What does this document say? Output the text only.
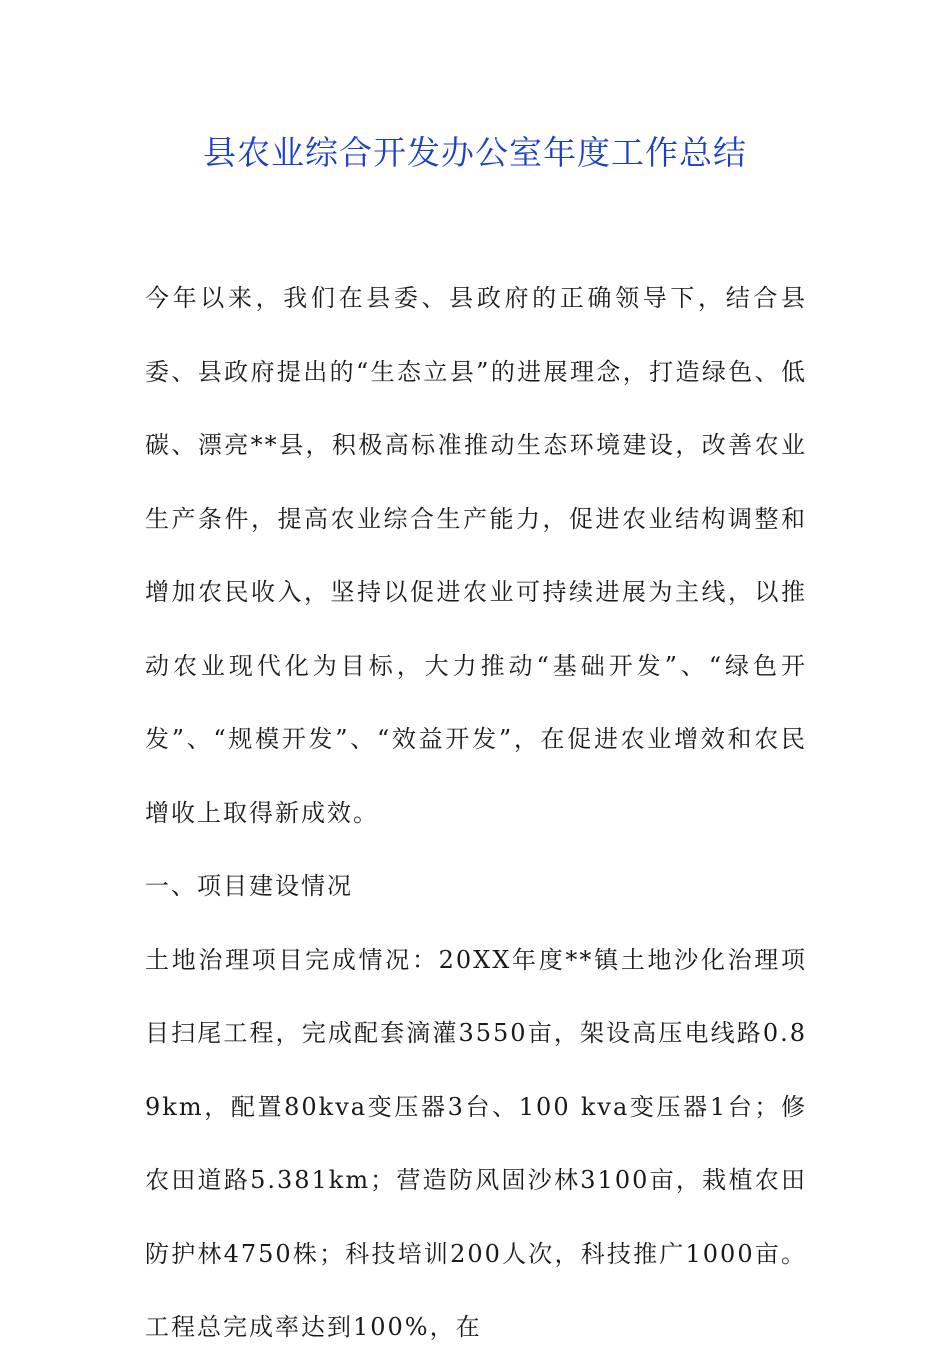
县农业综合开发办公室年度工作总结

今年以来，我们在县委、县政府的正确领导下，结合县委、县政府提出的“生态立县”的进展理念，打造绿色、低碳、漂亮**县，积极高标准推动生态环境建设，改善农业生产条件，提高农业综合生产能力，促进农业结构调整和增加农民收入，坚持以促进农业可持续进展为主线，以推动农业现代化为目标，大力推动“基础开发”、“绿色开发”、“规模开发”、“效益开发”，在促进农业增效和农民增收上取得新成效。

一、项目建设情况

土地治理项目完成情况：20XX年度**镇土地沙化治理项目扫尾工程，完成配套滴灌3550亩，架设高压电线路0.89km，配置80kva变压器3台、100 kva变压器1台；修农田道路5.381km；营造防风固沙林3100亩，栽植农田防护林4750株；科技培训200人次，科技推广1000亩。工程总完成率达到100%，在
